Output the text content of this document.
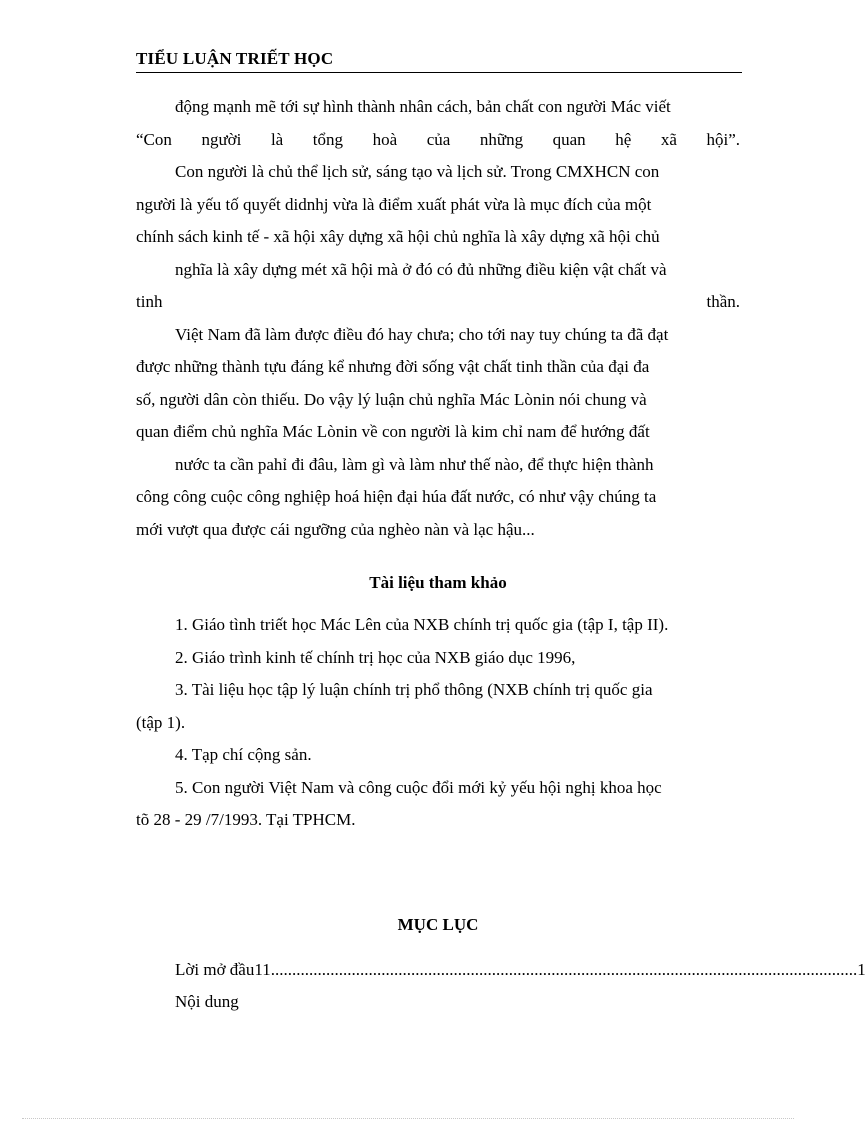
TIỂU LUẬN TRIẾT HỌC
động mạnh mẽ tới sự hình thành nhân cách, bản chất con người Mác viết
“Con người là tổng hoà của những quan hệ xã hội”.
Con người là chủ thể lịch sử, sáng tạo và lịch sử. Trong CMXHCN con
người là yếu tố quyết didnhj vừa là điểm xuất phát vừa là mục đích của một
chính sách kinh tế - xã hội xây dựng xã hội chủ nghĩa là xây dựng xã hội chủ
nghĩa là xây dựng mét xã hội mà ở đó có đủ những điều kiện vật chất và
tinh	thần.
Việt Nam đã làm được điều đó hay chưa; cho tới nay tuy chúng ta đã đạt
được những thành tựu đáng kể nhưng đời sống vật chất tinh thần của đại đa
số, người dân còn thiếu. Do vậy lý luận chủ nghĩa Mác Lònin nói chung và
quan điểm chủ nghĩa Mác Lònin về con người là kim chỉ nam để hướng đất
nước ta cần pahỉ đi đâu, làm gì và làm như thế nào, để thực hiện thành
công công cuộc công nghiệp hoá hiện đại húa đất nước, có như vậy chúng ta
mới vượt qua được cái ngưỡng của nghèo nàn và lạc hậu...
Tài liệu tham khảo
1. Giáo tình triết học Mác Lên của NXB chính trị quốc gia (tập I, tập II).
2. Giáo trình kinh tế chính trị học của NXB giáo dục 1996,
3. Tài liệu học tập lý luận chính trị phổ thông (NXB chính trị quốc gia
(tập 1).
4. Tạp chí cộng sản.
5. Con người Việt Nam và công cuộc đổi mới kỷ yếu hội nghị khoa học
tõ 28 - 29 /7/1993. Tại TPHCM.
MỤC LỤC
Lời mở đầu11 .......................................................................................................................................... 1
Nội dung
